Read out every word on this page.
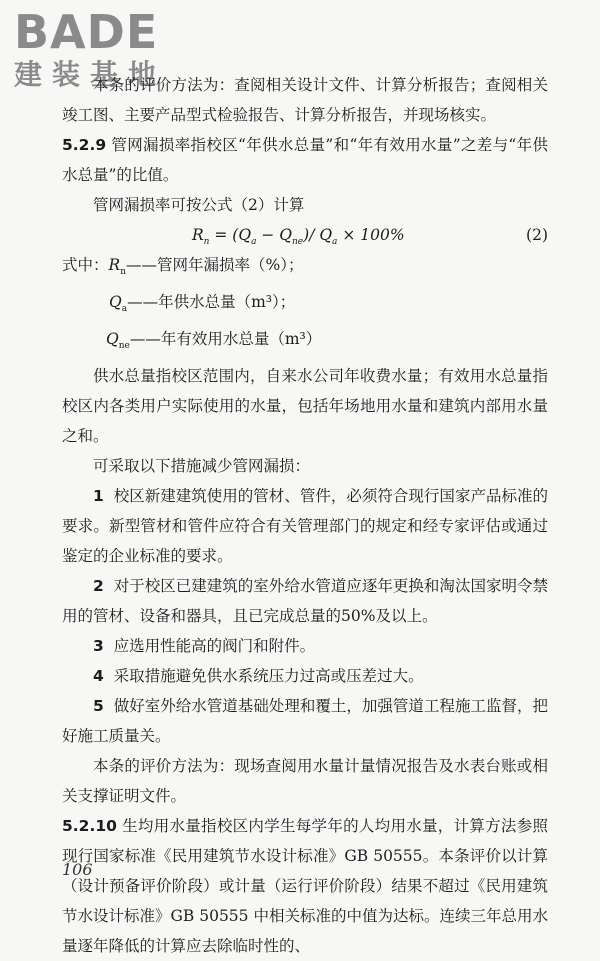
BADE
建装基地

本条的评价方法为：查阅相关设计文件、计算分析报告；查阅相关竣工图、主要产品型式检验报告、计算分析报告，并现场核实。

5.2.9 管网漏损率指校区“年供水总量”和“年有效用水量”之差与“年供水总量”的比值。

管网漏损率可按公式（2）计算

$R_n = (Q_a - Q_{ne})/$ $Q_a \times 100\%$	(2)
式中：$R_n——$管网年漏损率（%）；
$Q_a——$年供水总量（m³）；
$Q_{ne}——$年有效用水总量（m³）

供水总量指校区范围内，自来水公司年收费水量；有效用水总量指校区内各类用户实际使用的水量，包括年场地用水量和建筑内部用水量之和。

可采取以下措施减少管网漏损：

1 校区新建建筑使用的管材、管件，必须符合现行国家产品标准的要求。新型管材和管件应符合有关管理部门的规定和经专家评估或通过鉴定的企业标准的要求。

2 对于校区已建建筑的室外给水管道应逐年更换和淘汰国家明令禁用的管材、设备和器具，且已完成总量的50%及以上。

3 应选用性能高的阀门和附件。

4 采取措施避免供水系统压力过高或压差过大。

5 做好室外给水管道基础处理和覆土，加强管道工程施工监督，把好施工质量关。

本条的评价方法为：现场查阅用水量计量情况报告及水表台账或相关支撑证明文件。

5.2.10 生均用水量指校区内学生每学年的人均用水量，计算方法参照现行国家标准《民用建筑节水设计标准》GB 50555。本条评价以计算（设计预备评价阶段）或计量（运行评价阶段）结果不超过《民用建筑节水设计标准》GB 50555 中相关标准的中值为达标。连续三年总用水量逐年降低的计算应去除临时性的、

106
